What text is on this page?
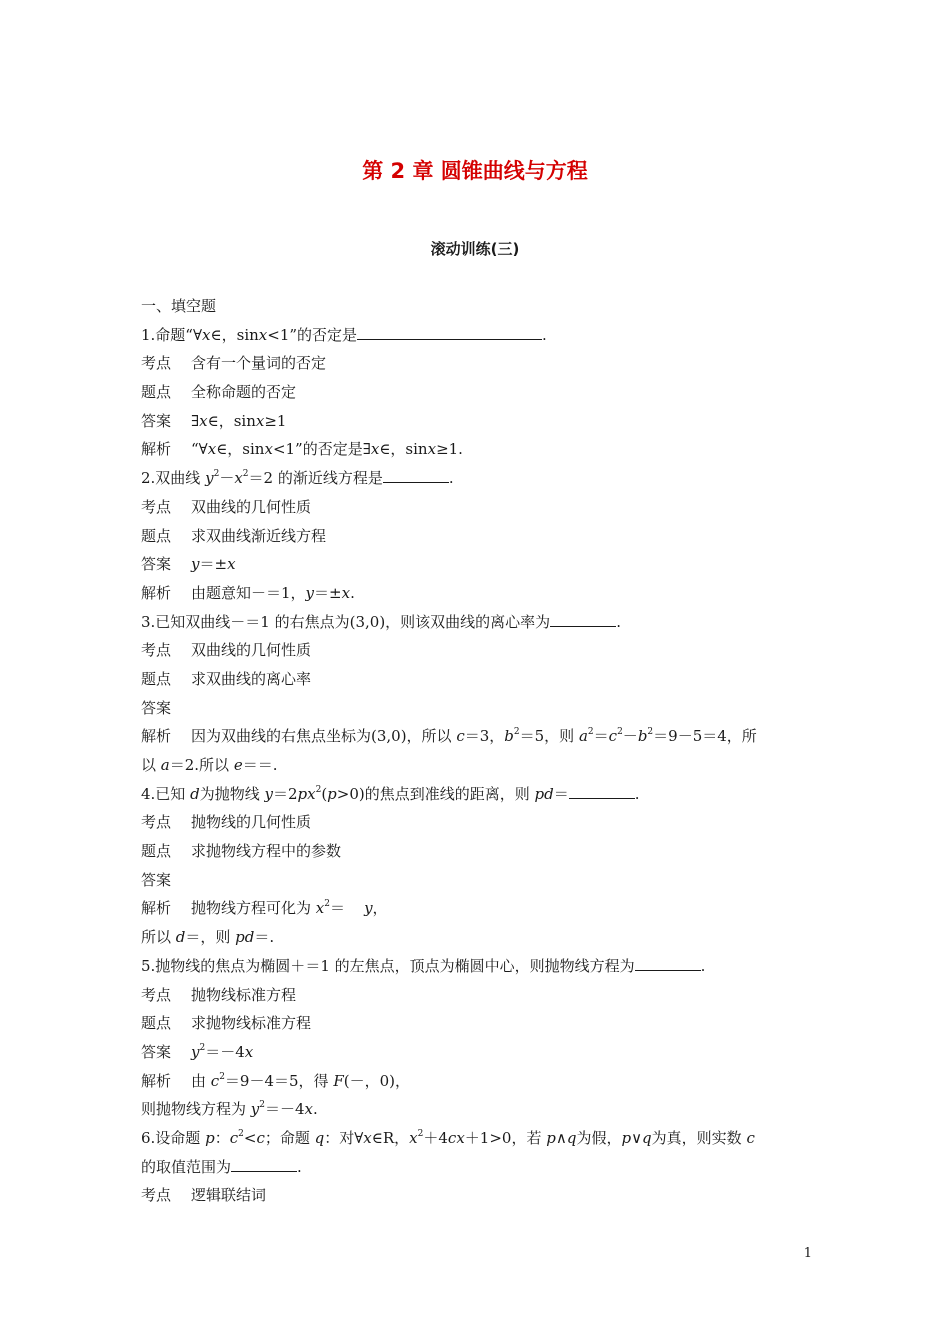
第 2 章 圆锥曲线与方程
滚动训练(三)
一、填空题
1.命题“∀x∈，sinx<1”的否定是	.
考点 含有一个量词的否定
题点 全称命题的否定
答案 ∃x∈，sinx≥1
解析 “∀x∈，sinx<1”的否定是∃x∈，sinx≥1.
2.双曲线 $y^2-x^2=2$ 的渐近线方程是	.
考点 双曲线的几何性质
题点 求双曲线渐近线方程
答案 y＝±x
解析 由题意知－＝1，y＝±x.
3.已知双曲线－＝1 的右焦点为(3,0)，则该双曲线的离心率为	.
考点 双曲线的几何性质
题点 求双曲线的离心率
答案
解析 因为双曲线的右焦点坐标为(3,0)，所以 c＝3，$b^2=5$，则 $a^2=c^2-b^2=9-5=4$，所
以 a＝2.所以 e＝＝.
4.已知 d为抛物线 $y=2px^2(p>0)$的焦点到准线的距离，则 pd＝	.
考点 抛物线的几何性质
题点 求抛物线方程中的参数
答案
解析 抛物线方程可化为 $x^2=$    y，
所以 d＝，则 pd＝.
5.抛物线的焦点为椭圆＋＝1 的左焦点，顶点为椭圆中心，则抛物线方程为	.
考点 抛物线标准方程
题点 求抛物线标准方程
答案 $y^2=-4x$
解析 由 $c^2=9-4=5$，得 F(－，0)，
则抛物线方程为 $y^2=-4x$.
6.设命题 p：$c^2<c$；命题 q：对∀x∈R，$x^2+4cx+1>0$，若 p∧q为假，p∨q为真，则实数 c
的取值范围为	.
考点 逻辑联结词
1
